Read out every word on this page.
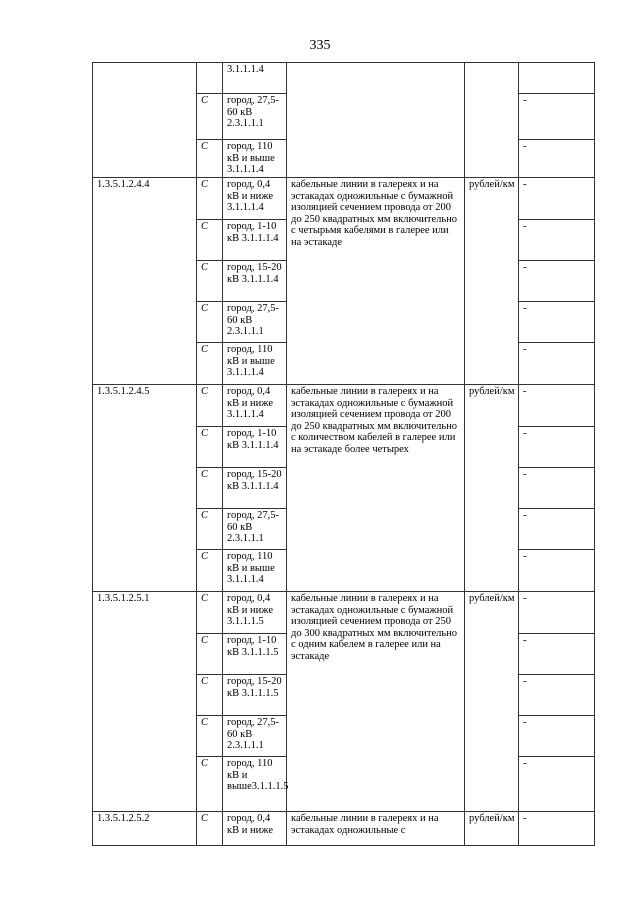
335
		3.1.1.1.4			
	C	город, 27,5-60 кВ 2.3.1.1.1			-
	C	город, 110 кВ и выше 3.1.1.1.4			-
1.3.5.1.2.4.4	C	город, 0,4 кВ и ниже 3.1.1.1.4	кабельные линии в галереях и на эстакадах одножильные с бумажной изоляцией сечением провода от 200 до 250 квадратных мм включительно с четырьмя кабелями в галерее или на эстакаде	рублей/км	-
	C	город, 1-10 кВ 3.1.1.1.4			-
	C	город, 15-20 кВ 3.1.1.1.4			-
	C	город, 27,5-60 кВ 2.3.1.1.1			-
	C	город, 110 кВ и выше 3.1.1.1.4			-
1.3.5.1.2.4.5	C	город, 0,4 кВ и ниже 3.1.1.1.4	кабельные линии в галереях и на эстакадах одножильные с бумажной изоляцией сечением провода от 200 до 250 квадратных мм включительно с количеством кабелей в галерее или на эстакаде более четырех	рублей/км	-
	C	город, 1-10 кВ 3.1.1.1.4			-
	C	город, 15-20 кВ 3.1.1.1.4			-
	C	город, 27,5-60 кВ 2.3.1.1.1			-
	C	город, 110 кВ и выше 3.1.1.1.4			-
1.3.5.1.2.5.1	C	город, 0,4 кВ и ниже 3.1.1.1.5	кабельные линии в галереях и на эстакадах одножильные с бумажной изоляцией сечением провода от 250 до 300 квадратных мм включительно с одним кабелем в галерее или на эстакаде	рублей/км	-
	C	город, 1-10 кВ 3.1.1.1.5			-
	C	город, 15-20 кВ 3.1.1.1.5			-
	C	город, 27,5-60 кВ 2.3.1.1.1			-
	C	город, 110 кВ и выше3.1.1.1.5			-
1.3.5.1.2.5.2	C	город, 0,4 кВ и ниже	кабельные линии в галереях и на эстакадах одножильные с	рублей/км	-
